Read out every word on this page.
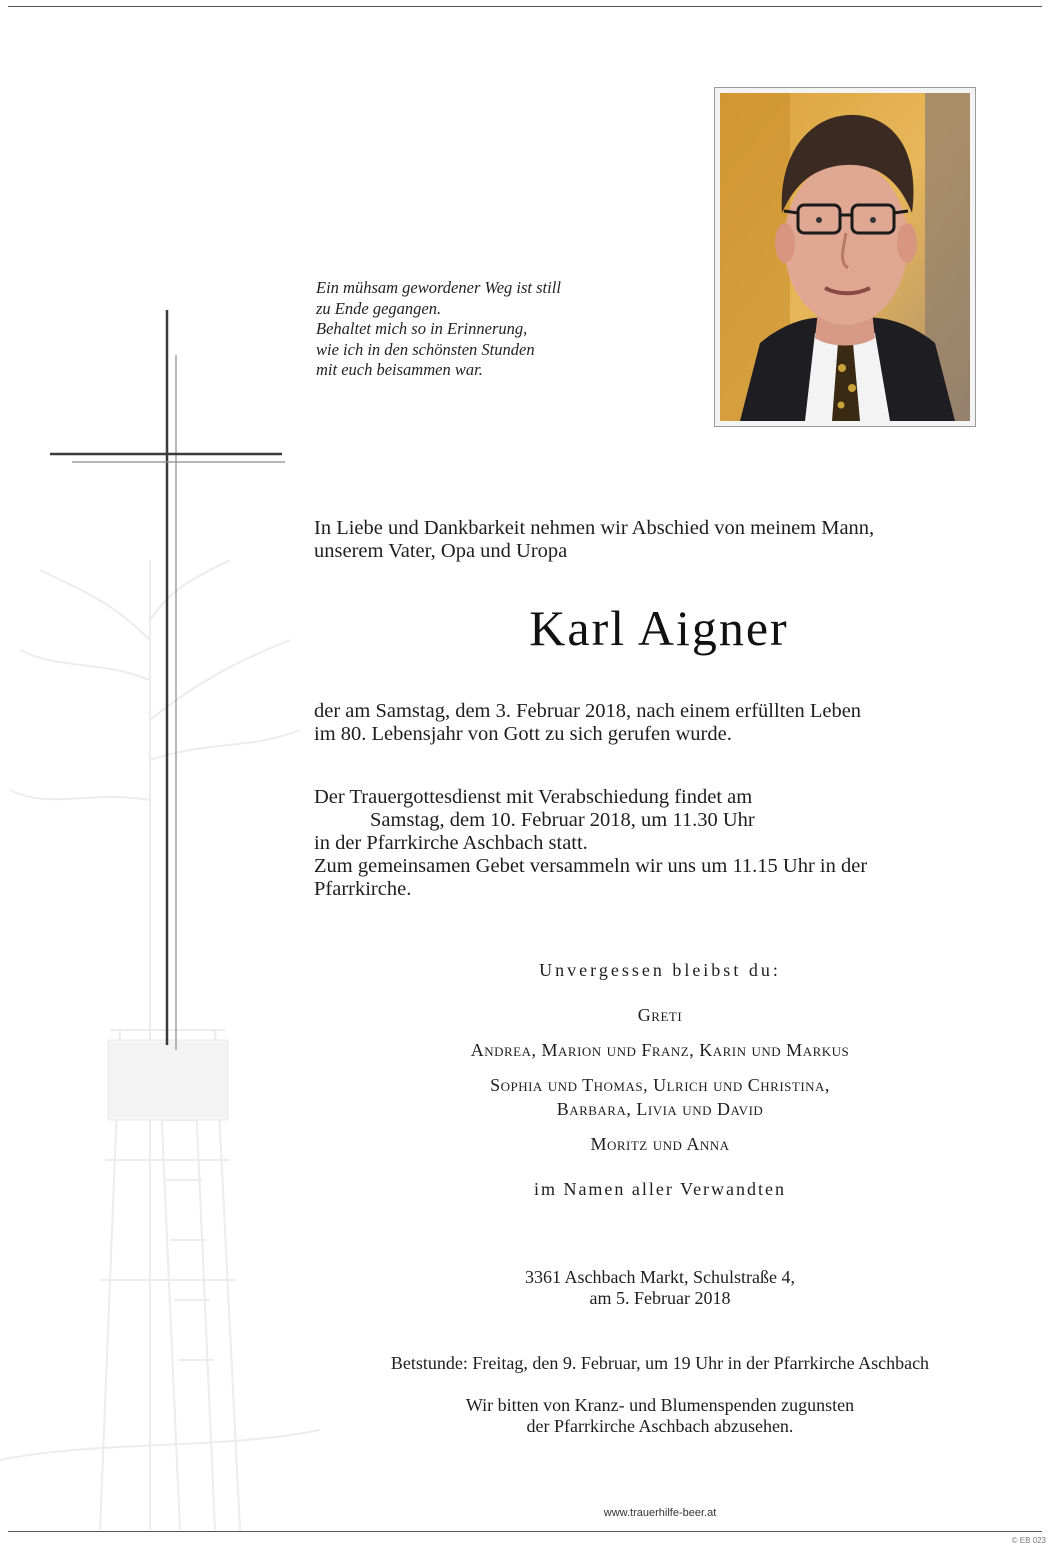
Ein mühsam gewordener Weg ist still
zu Ende gegangen.
Behaltet mich so in Erinnerung,
wie ich in den schönsten Stunden
mit euch beisammen war.
In Liebe und Dankbarkeit nehmen wir Abschied von meinem Mann,
unserem Vater, Opa und Uropa
Karl Aigner
der am Samstag, dem 3. Februar 2018, nach einem erfüllten Leben
im 80. Lebensjahr von Gott zu sich gerufen wurde.
Der Trauergottesdienst mit Verabschiedung findet am
Samstag, dem 10. Februar 2018, um 11.30 Uhr
in der Pfarrkirche Aschbach statt.
Zum gemeinsamen Gebet versammeln wir uns um 11.15 Uhr in der
Pfarrkirche.
Unvergessen bleibst du:
Greti
Andrea, Marion und Franz, Karin und Markus
Sophia und Thomas, Ulrich und Christina,
Barbara, Livia und David
Moritz und Anna
im Namen aller Verwandten
3361 Aschbach Markt, Schulstraße 4,
am 5. Februar 2018
Betstunde: Freitag, den 9. Februar, um 19 Uhr in der Pfarrkirche Aschbach
Wir bitten von Kranz- und Blumenspenden zugunsten
der Pfarrkirche Aschbach abzusehen.
www.trauerhilfe-beer.at
© EB 023
